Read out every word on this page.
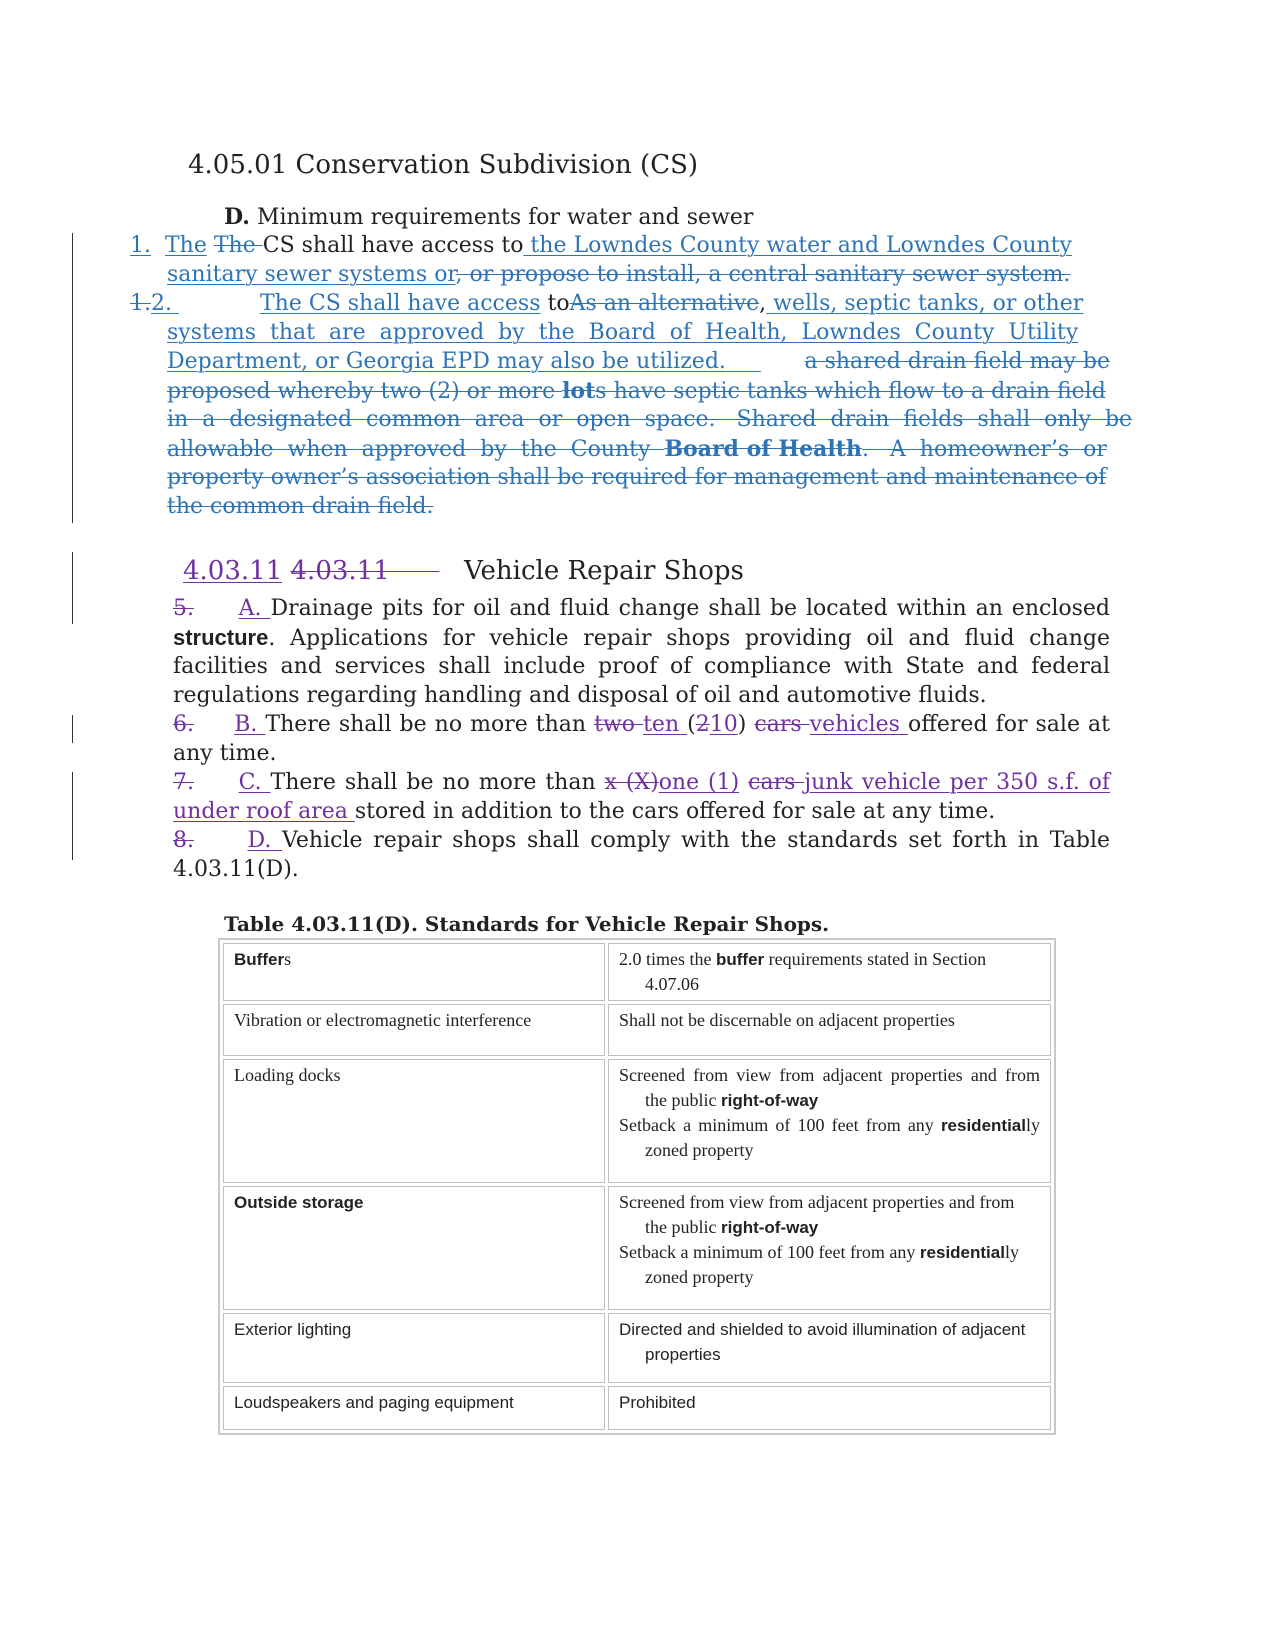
4.05.01 Conservation Subdivision (CS)
D. Minimum requirements for water and sewer
1. The The CS shall have access to the Lowndes County water and Lowndes County
sanitary sewer systems or, or propose to install, a central sanitary sewer system.
1.2.	The CS shall have access toAs an alternative, wells, septic tanks, or other
systems  that  are  approved  by  the  Board  of  Health,  Lowndes  County  Utility
Department, or Georgia EPD may also be utilized.	a shared drain field may be
proposed whereby two (2) or more lots have septic tanks which flow to a drain field
in  a  designated  common  area  or  open  space.   Shared  drain  fields  shall  only  be
allowable  when  approved  by  the  County  Board of Health.   A  homeowner’s  or
property owner’s association shall be required for management and maintenance of
the common drain field.
4.03.11 4.03.11	Vehicle Repair Shops
5. A. Drainage pits for oil and fluid change shall be located within an enclosed
structure. Applications for vehicle repair shops providing oil and fluid change
facilities and services shall include proof of compliance with State and federal
regulations regarding handling and disposal of oil and automotive fluids.
6. B. There shall be no more than two ten (210) cars vehicles offered for sale at
any time.
7. C. There shall be no more than x (X)one (1) cars junk vehicle per 350 s.f. of
under roof area stored in addition to the cars offered for sale at any time.
8. D. Vehicle repair shops shall comply with the standards set forth in Table
4.03.11(D).
Table 4.03.11(D). Standards for Vehicle Repair Shops.
Buffers	2.0 times the buffer requirements stated in Section 4.07.06

Vibration or electromagnetic interference	Shall not be discernable on adjacent properties

Loading docks	Screened from view from adjacent properties and from the public right-of-way
Setback a minimum of 100 feet from any residentially zoned property

Outside storage	Screened from view from adjacent properties and from the public right-of-way
Setback a minimum of 100 feet from any residentially zoned property

Exterior lighting	Directed and shielded to avoid illumination of adjacent properties

Loudspeakers and paging equipment	Prohibited
